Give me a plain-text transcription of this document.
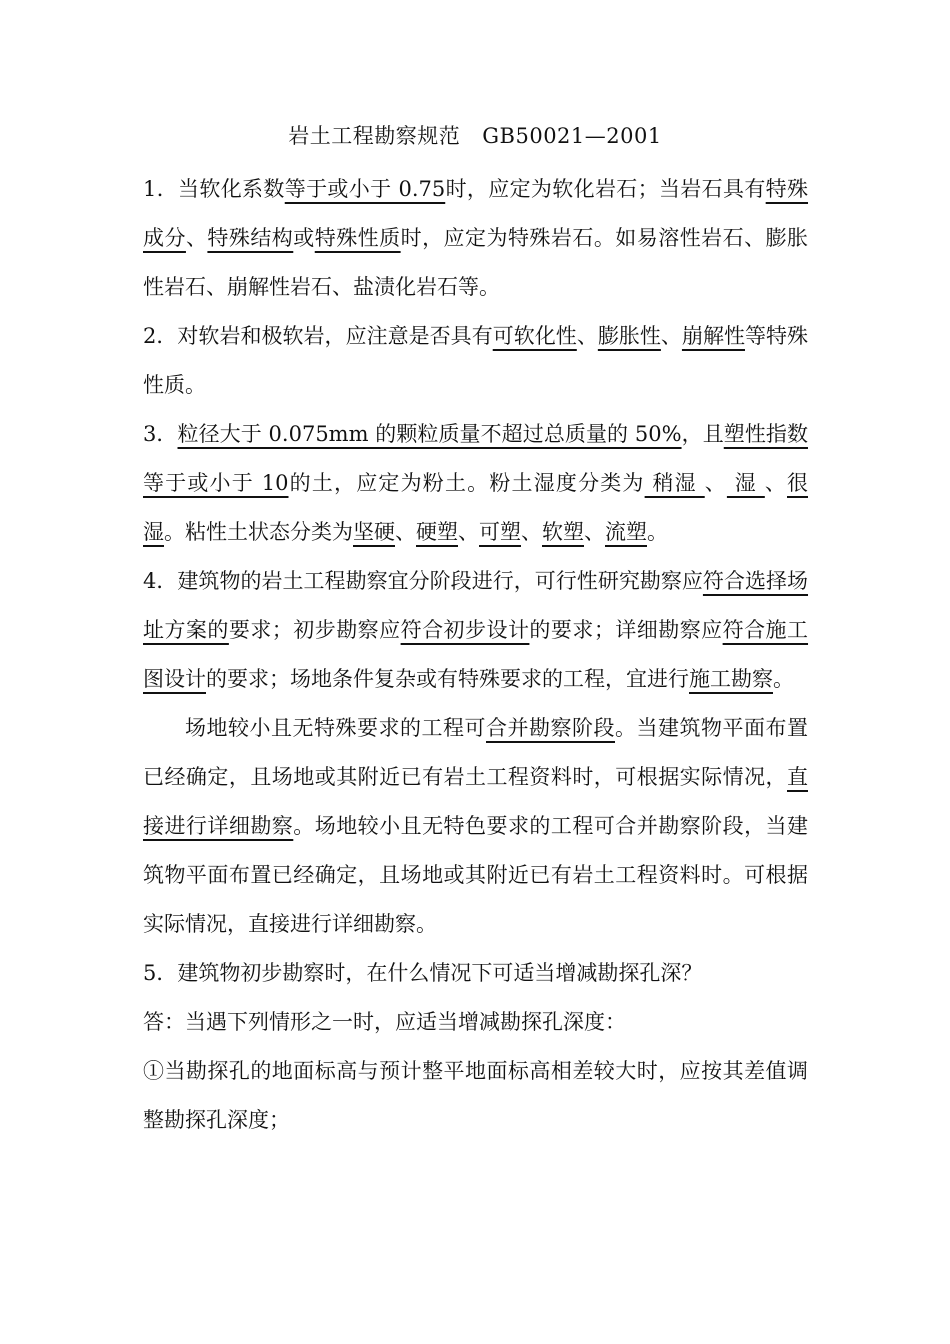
岩土工程勘察规范 GB50021—2001

1．当软化系数等于或小于 0.75时，应定为软化岩石；当岩石具有特殊成分、特殊结构或特殊性质时，应定为特殊岩石。如易溶性岩石、膨胀性岩石、崩解性岩石、盐渍化岩石等。

2．对软岩和极软岩，应注意是否具有可软化性、膨胀性、崩解性等特殊性质。

3．粒径大于 0.075mm 的颗粒质量不超过总质量的 50%，且塑性指数等于或小于 10的土，应定为粉土。粉土湿度分类为 稍湿 、 湿 、很湿。粘性土状态分类为坚硬、硬塑、可塑、软塑、流塑。

4．建筑物的岩土工程勘察宜分阶段进行，可行性研究勘察应符合选择场址方案的要求；初步勘察应符合初步设计的要求；详细勘察应符合施工图设计的要求；场地条件复杂或有特殊要求的工程，宜进行施工勘察。

场地较小且无特殊要求的工程可合并勘察阶段。当建筑物平面布置已经确定，且场地或其附近已有岩土工程资料时，可根据实际情况，直接进行详细勘察。场地较小且无特色要求的工程可合并勘察阶段，当建筑物平面布置已经确定，且场地或其附近已有岩土工程资料时。可根据实际情况，直接进行详细勘察。

5．建筑物初步勘察时，在什么情况下可适当增减勘探孔深？

答：当遇下列情形之一时，应适当增减勘探孔深度：

①当勘探孔的地面标高与预计整平地面标高相差较大时，应按其差值调整勘探孔深度；
